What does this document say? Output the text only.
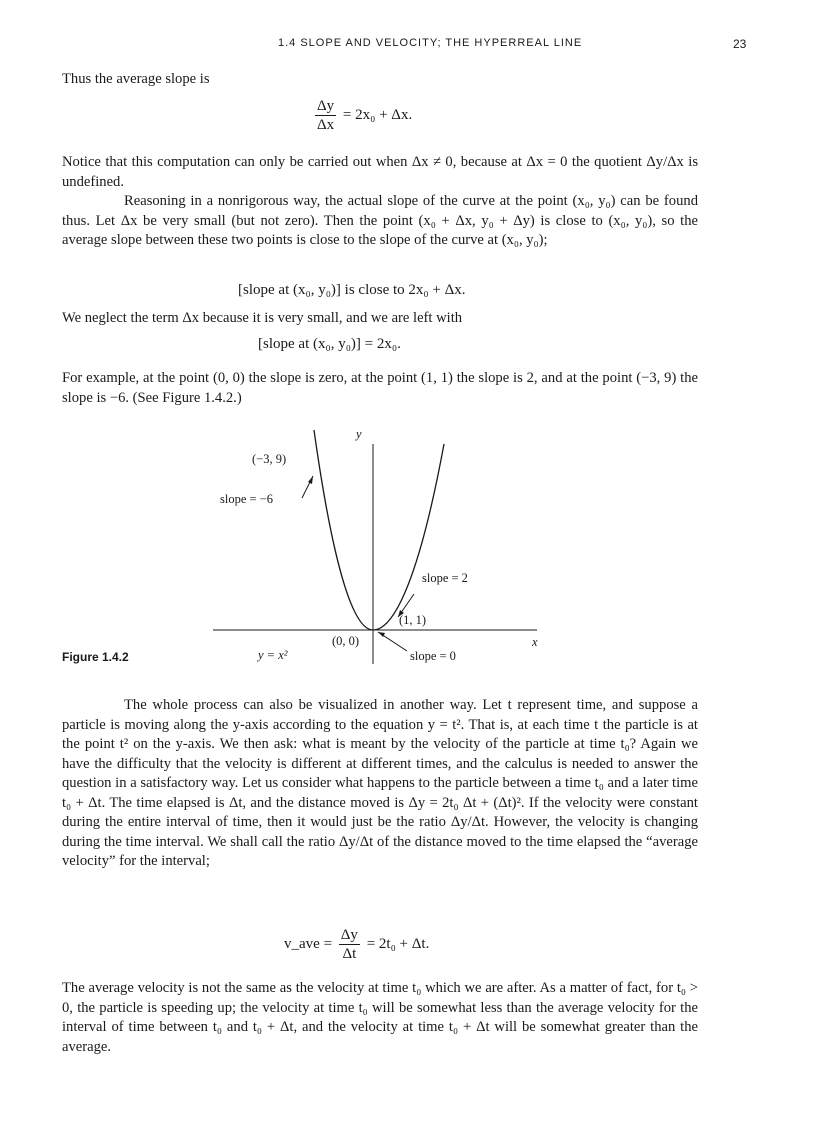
1.4 SLOPE AND VELOCITY; THE HYPERREAL LINE	23

Thus the average slope is

$\frac{\Delta y}{\Delta x} = 2x_0 + \Delta x$.

Notice that this computation can only be carried out when Δx ≠ 0, because at Δx = 0 the quotient Δy/Δx is undefined.

Reasoning in a nonrigorous way, the actual slope of the curve at the point (x₀, y₀) can be found thus. Let Δx be very small (but not zero). Then the point (x₀ + Δx, y₀ + Δy) is close to (x₀, y₀), so the average slope between these two points is close to the slope of the curve at (x₀, y₀);

[slope at (x₀, y₀)] is close to 2x₀ + Δx.

We neglect the term Δx because it is very small, and we are left with

[slope at (x₀, y₀)] = 2x₀.

For example, at the point (0, 0) the slope is zero, at the point (1, 1) the slope is 2, and at the point (−3, 9) the slope is −6. (See Figure 1.4.2.)

y
x
(−3, 9)
slope = −6
slope = 2
(1, 1)
(0, 0)
slope = 0
y = x²
Figure 1.4.2

The whole process can also be visualized in another way. Let t represent time, and suppose a particle is moving along the y-axis according to the equation y = t². That is, at each time t the particle is at the point t² on the y-axis. We then ask: what is meant by the velocity of the particle at time t₀? Again we have the difficulty that the velocity is different at different times, and the calculus is needed to answer the question in a satisfactory way. Let us consider what happens to the particle between a time t₀ and a later time t₀ + Δt. The time elapsed is Δt, and the distance moved is Δy = 2t₀ Δt + (Δt)². If the velocity were constant during the entire interval of time, then it would just be the ratio Δy/Δt. However, the velocity is changing during the time interval. We shall call the ratio Δy/Δt of the distance moved to the time elapsed the “average velocity” for the interval;

v_ave = $\frac{\Delta y}{\Delta t} = 2t_0 + \Delta t$.

The average velocity is not the same as the velocity at time t₀ which we are after. As a matter of fact, for t₀ > 0, the particle is speeding up; the velocity at time t₀ will be somewhat less than the average velocity for the interval of time between t₀ and t₀ + Δt, and the velocity at time t₀ + Δt will be somewhat greater than the average.
